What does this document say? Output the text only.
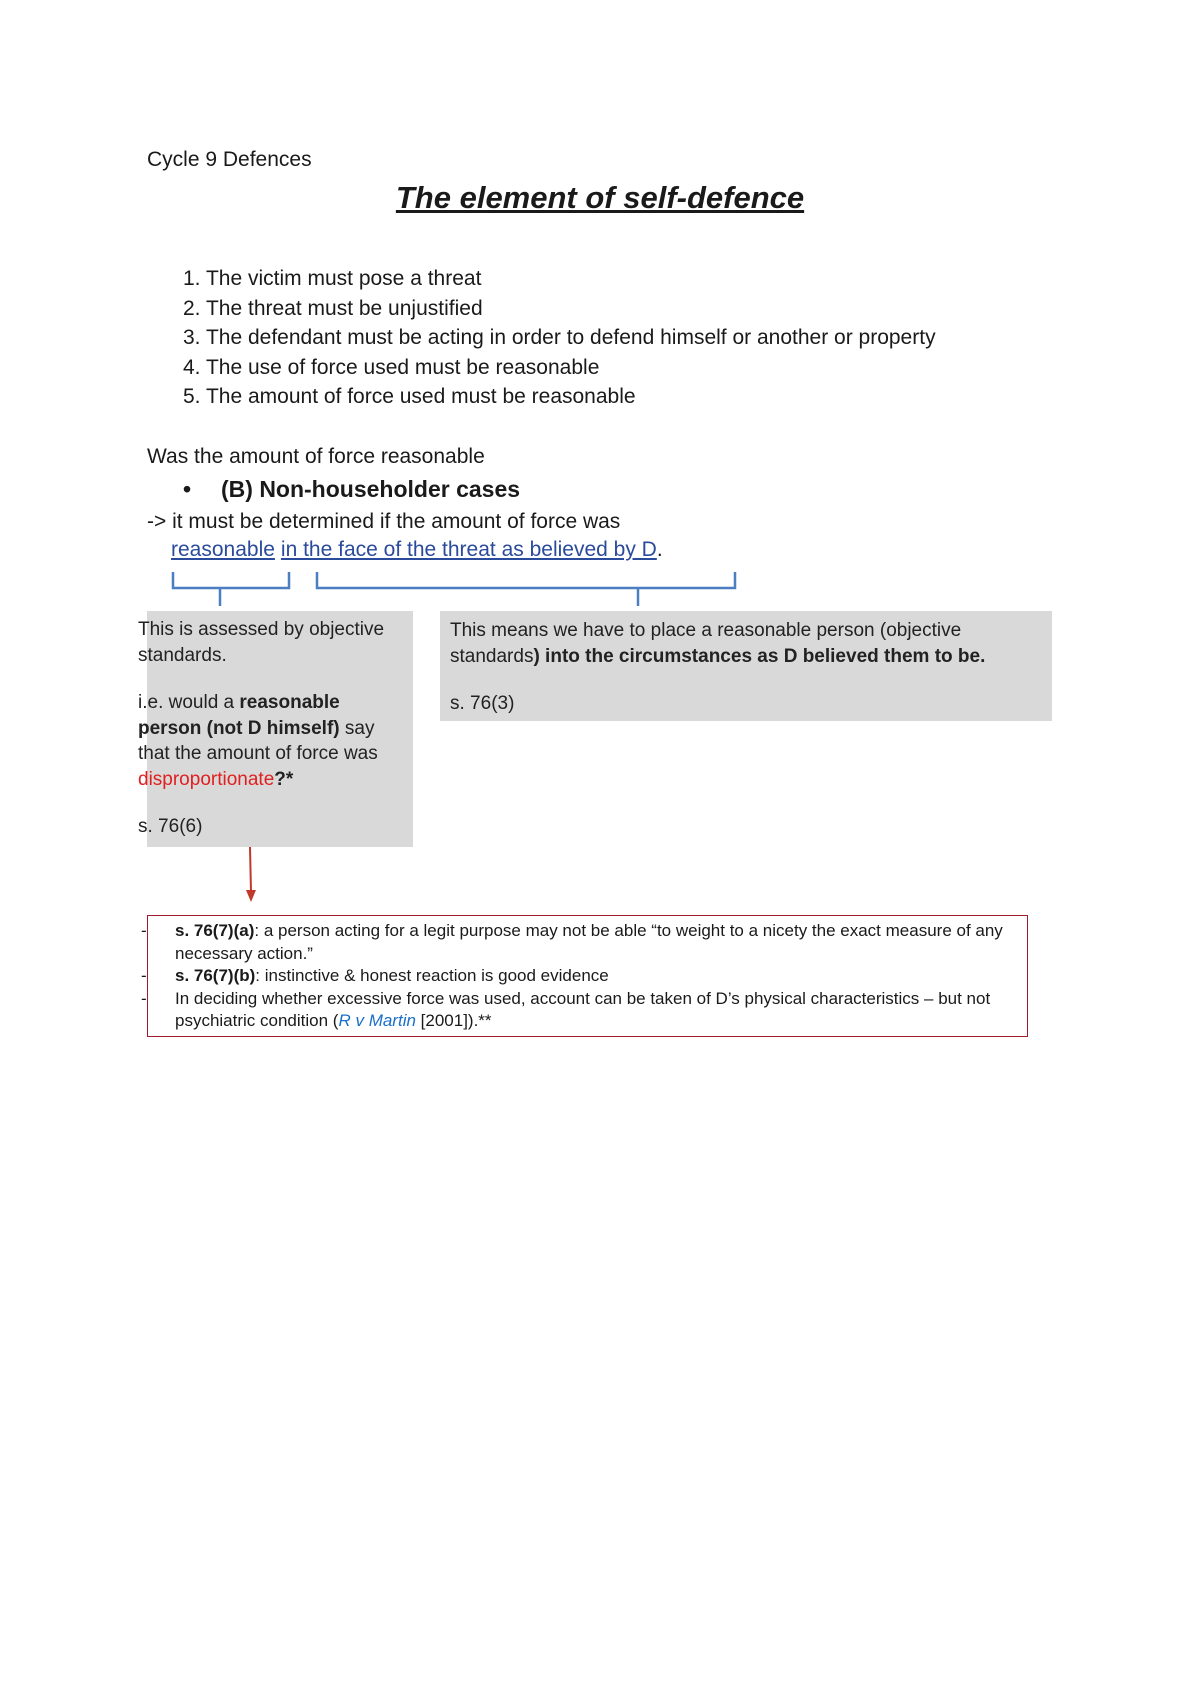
Cycle 9 Defences
The element of self-defence
1. The victim must pose a threat
2. The threat must be unjustified
3. The defendant must be acting in order to defend himself or another or property
4. The use of force used must be reasonable
5. The amount of force used must be reasonable
Was the amount of force reasonable
• (B) Non-householder cases
-> it must be determined if the amount of force was
reasonable in the face of the threat as believed by D.

This is assessed by objective standards.

i.e. would a reasonable person (not D himself) say that the amount of force was disproportionate?*

s. 76(6)

This means we have to place a reasonable person (objective standards) into the circumstances as D believed them to be.

s. 76(3)

- s. 76(7)(a): a person acting for a legit purpose may not be able “to weight to a nicety the exact measure of any necessary action.”
- s. 76(7)(b): instinctive & honest reaction is good evidence
- In deciding whether excessive force was used, account can be taken of D’s physical characteristics – but not psychiatric condition (R v Martin [2001]).**
